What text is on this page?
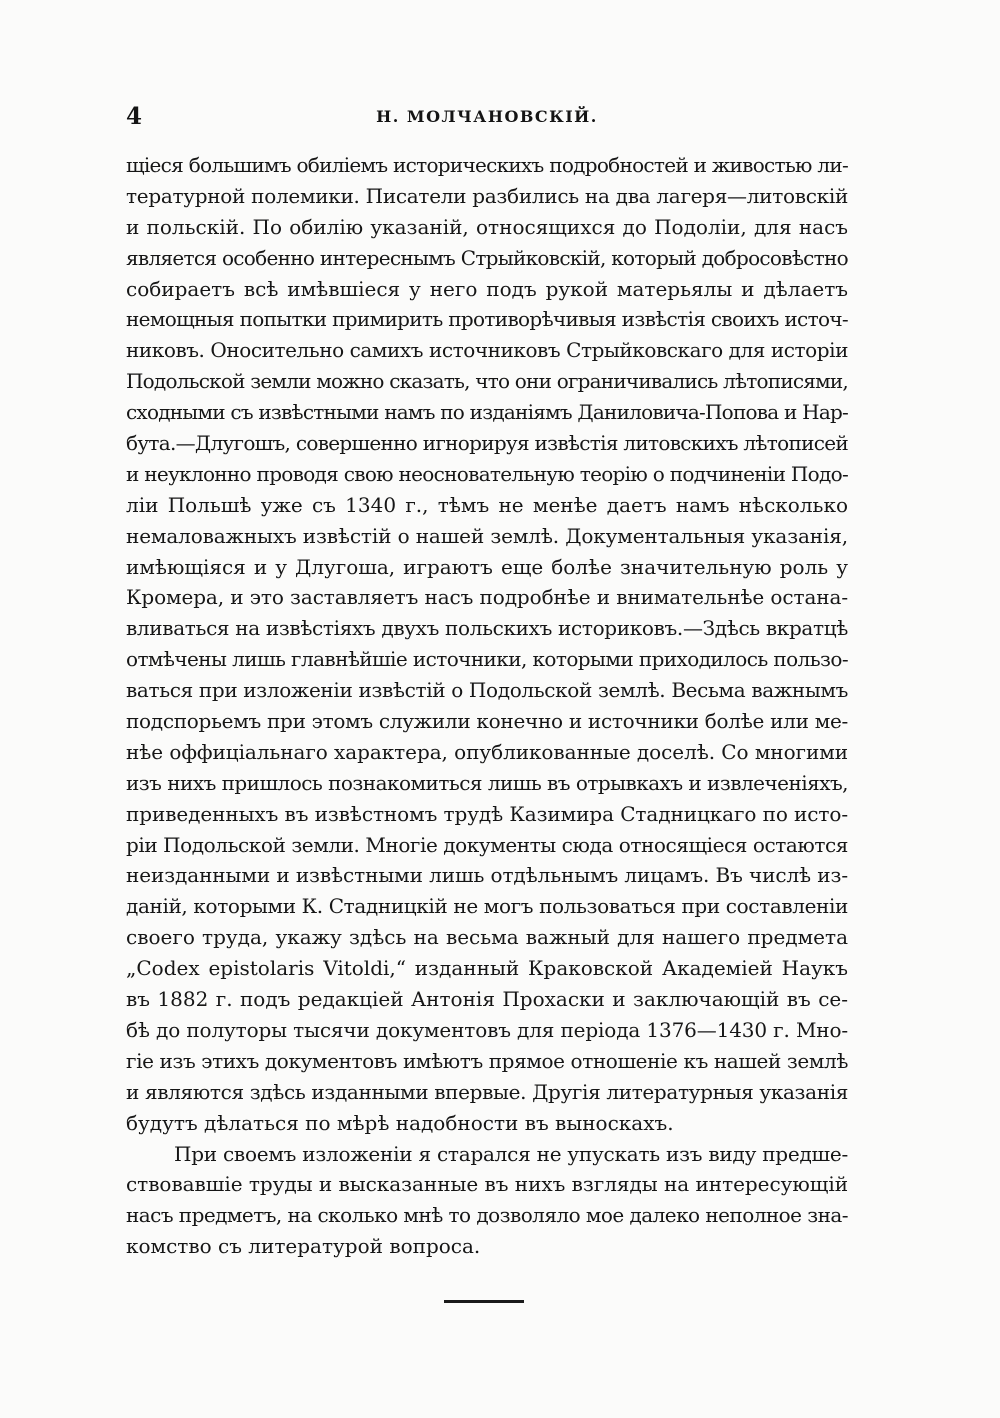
4	Н. МОЛЧАНОВСКІЙ.
щіеся большимъ обиліемъ историческихъ подробностей и живостью ли-
тературной полемики. Писатели разбились на два лагеря—литовскій
и польскій. По обилію указаній, относящихся до Подоліи, для насъ
является особенно интереснымъ Стрыйковскій, который добросовѣстно
собираетъ всѣ имѣвшіеся у него подъ рукой матерьялы и дѣлаетъ
немощныя попытки примирить противорѣчивыя извѣстія своихъ источ-
никовъ. Оносительно самихъ источниковъ Стрыйковскаго для исторіи
Подольской земли можно сказать, что они ограничивались лѣтописями,
сходными съ извѣстными намъ по изданіямъ Даниловича-Попова и Нар-
бута.—Длугошъ, совершенно игнорируя извѣстія литовскихъ лѣтописей
и неуклонно проводя свою неосновательную теорію о подчиненіи Подо-
ліи Польшѣ уже съ 1340 г., тѣмъ не менѣе даетъ намъ нѣсколько
немаловажныхъ извѣстій о нашей землѣ. Документальныя указанія,
имѣющіяся и у Длугоша, играютъ еще болѣе значительную роль у
Кромера, и это заставляетъ насъ подробнѣе и внимательнѣе остана-
вливаться на извѣстіяхъ двухъ польскихъ историковъ.—Здѣсь вкратцѣ
отмѣчены лишь главнѣйшіе источники, которыми приходилось пользо-
ваться при изложеніи извѣстій о Подольской землѣ. Весьма важнымъ
подспорьемъ при этомъ служили конечно и источники болѣе или ме-
нѣе оффиціальнаго характера, опубликованные доселѣ. Со многими
изъ нихъ пришлось познакомиться лишь въ отрывкахъ и извлеченіяхъ,
приведенныхъ въ извѣстномъ трудѣ Казимира Стадницкаго по исто-
ріи Подольской земли. Многіе документы сюда относящіеся остаются
неизданными и извѣстными лишь отдѣльнымъ лицамъ. Въ числѣ из-
даній, которыми К. Стадницкій не могъ пользоваться при составленіи
своего труда, укажу здѣсь на весьма важный для нашего предмета
„Codex epistolaris Vitoldi,“ изданный Краковской Академіей Наукъ
въ 1882 г. подъ редакціей Антонія Прохаски и заключающій въ се-
бѣ до полуторы тысячи документовъ для періода 1376—1430 г. Мно-
гіе изъ этихъ документовъ имѣютъ прямое отношеніе къ нашей землѣ
и являются здѣсь изданными впервые. Другія литературныя указанія
будутъ дѣлаться по мѣрѣ надобности въ выноскахъ.
При своемъ изложеніи я старался не упускать изъ виду предше-
ствовавшіе труды и высказанные въ нихъ взгляды на интересующій
насъ предметъ, на сколько мнѣ то дозволяло мое далеко неполное зна-
комство съ литературой вопроса.
